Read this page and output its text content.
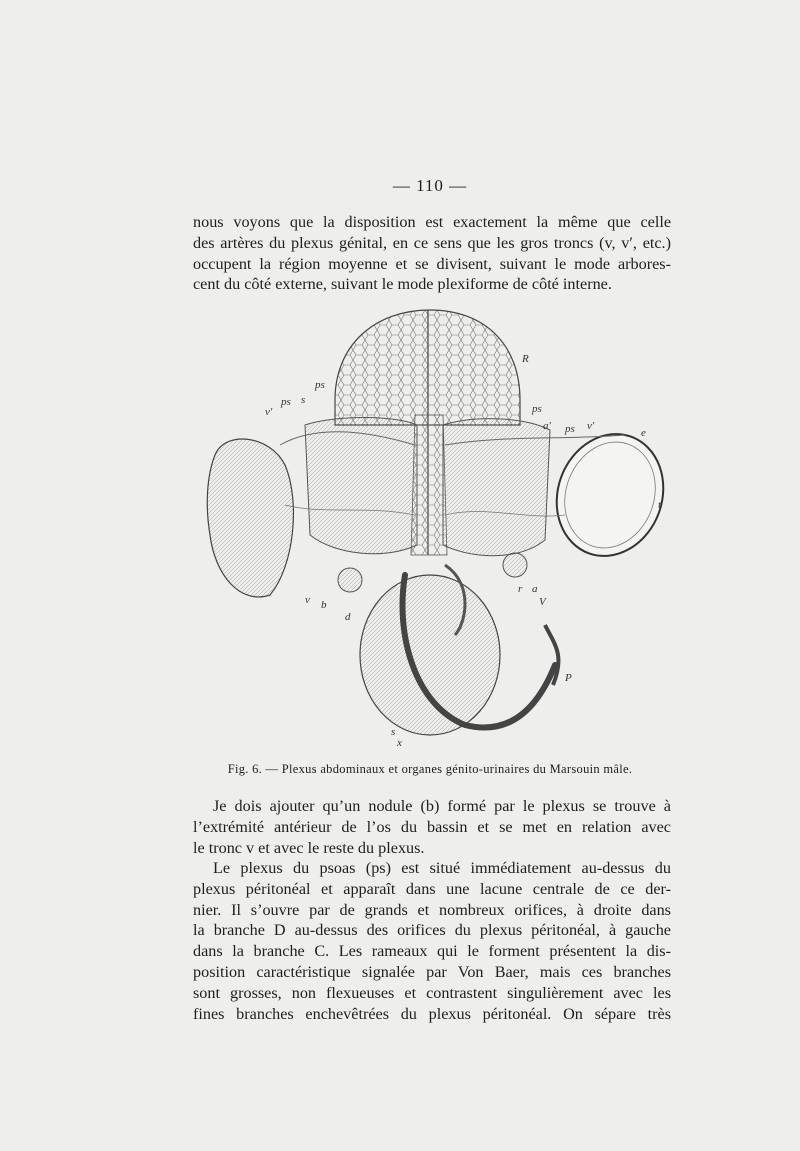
— 110 —

nous voyons que la disposition est exactement la même que celle
des artères du plexus génital, en ce sens que les gros troncs (v, v′, etc.)
occupent la région moyenne et se divisent, suivant le mode arbores-
cent du côté externe, suivant le mode plexiforme de côté interne.

R
ps
s
ps
v′	ps
a′ ps v′
e
t
r a
V
v b
d
P
s
x
Fig. 6. — Plexus abdominaux et organes génito-urinaires du Marsouin mâle.

Je dois ajouter qu’un nodule (b) formé par le plexus se trouve à
l’extrémité antérieur de l’os du bassin et se met en relation avec
le tronc v et avec le reste du plexus.

Le plexus du psoas (ps) est situé immédiatement au-dessus du
plexus péritonéal et apparaît dans une lacune centrale de ce der-
nier. Il s’ouvre par de grands et nombreux orifices, à droite dans
la branche D au-dessus des orifices du plexus péritonéal, à gauche
dans la branche C. Les rameaux qui le forment présentent la dis-
position caractéristique signalée par Von Baer, mais ces branches
sont grosses, non flexueuses et contrastent singulièrement avec les
fines branches enchevêtrées du plexus péritonéal. On sépare très
